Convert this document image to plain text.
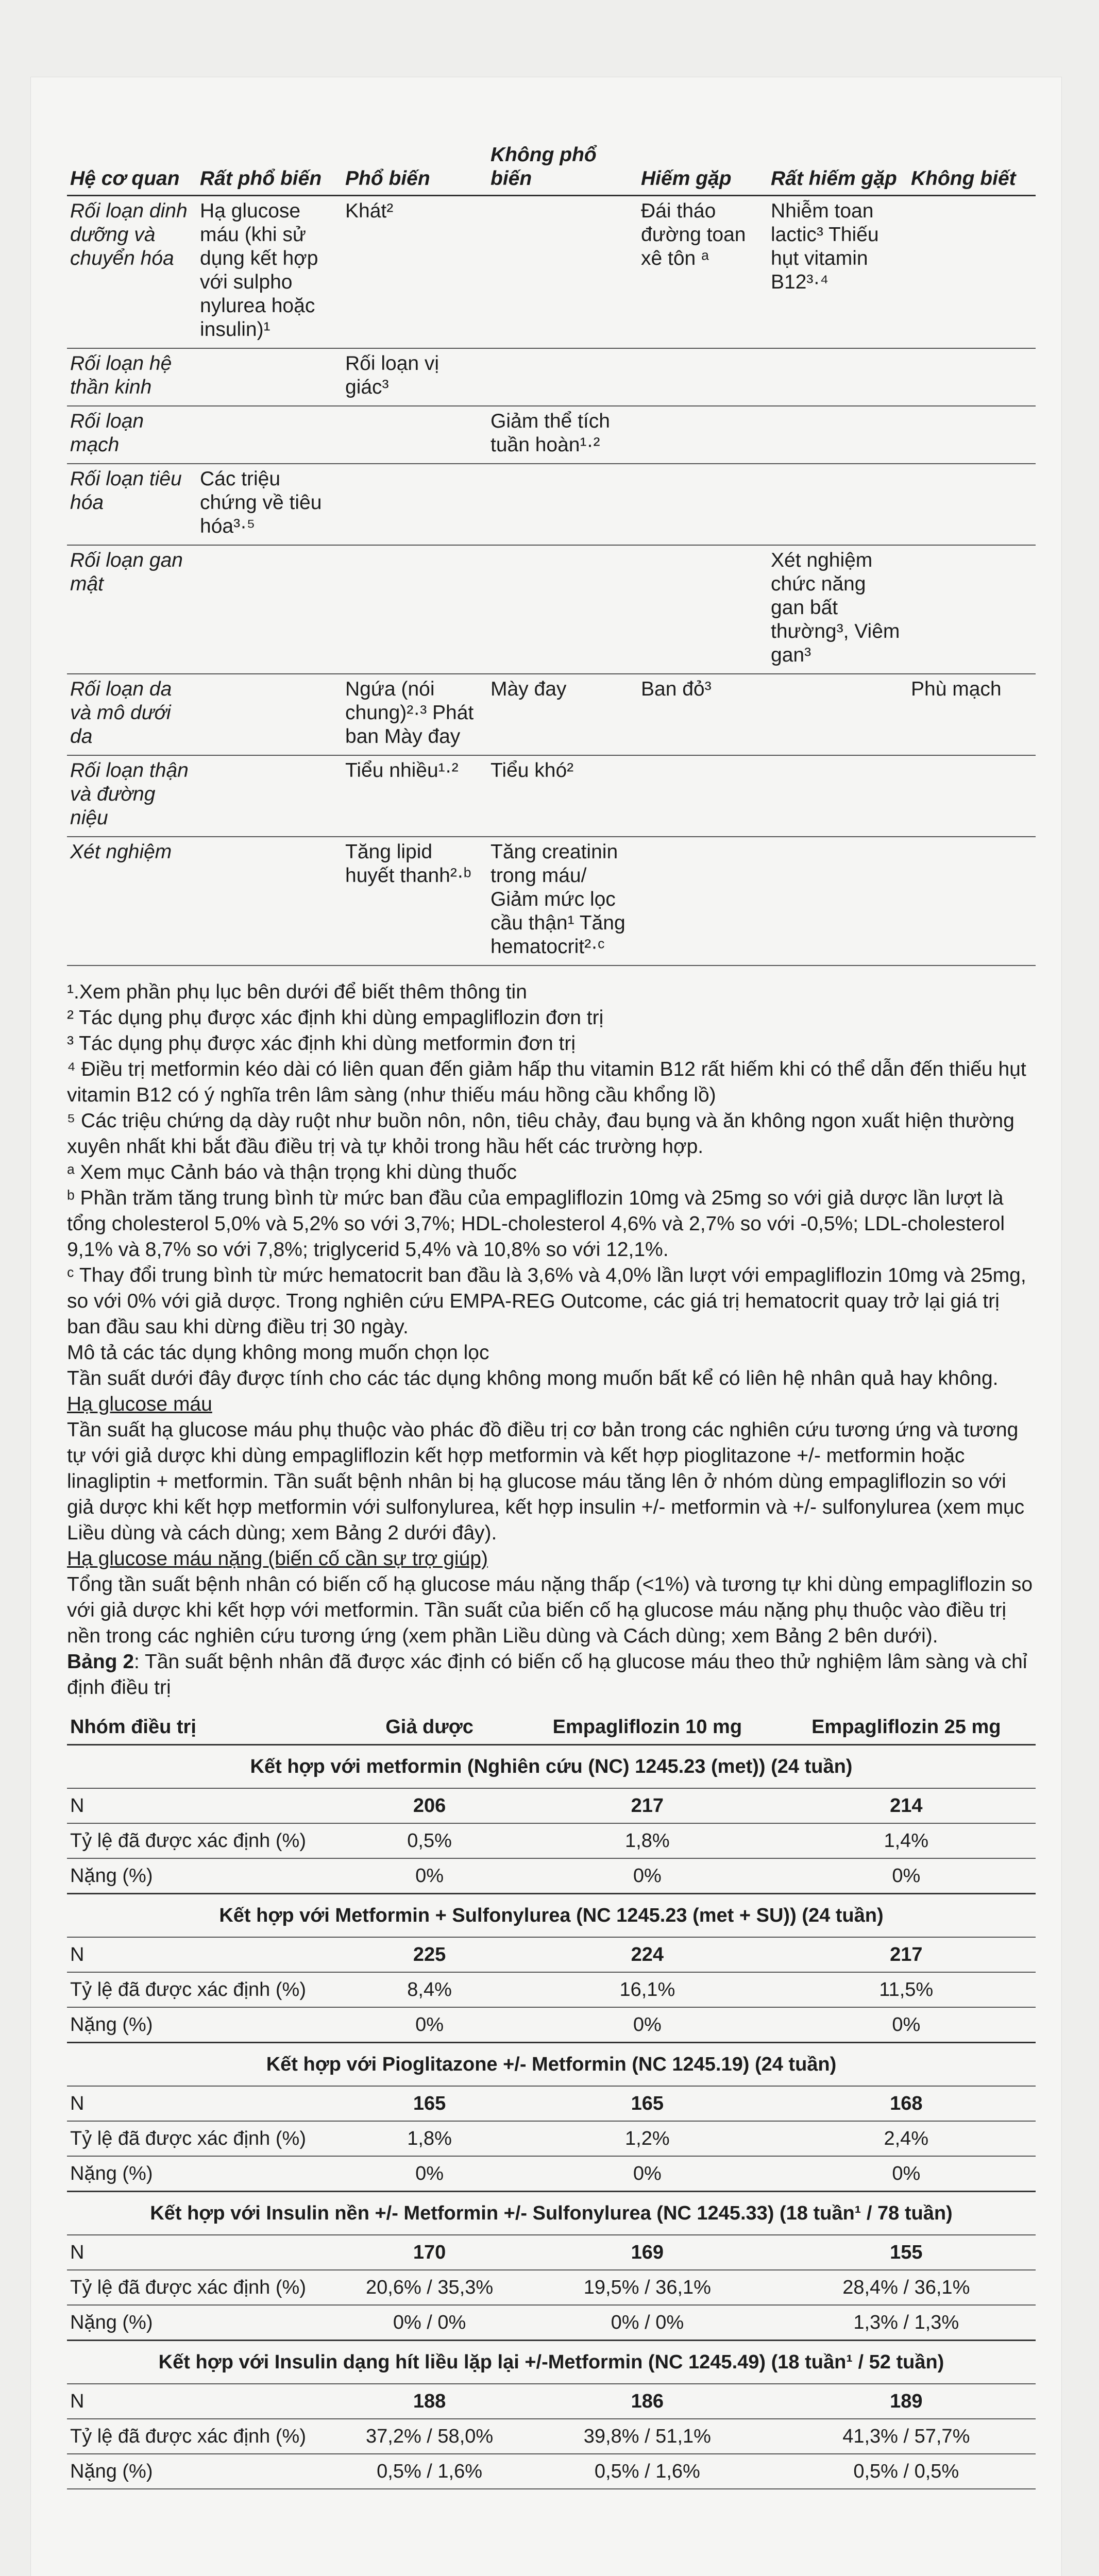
Hệ cơ quan	Rất phổ biến	Phổ biến	Không phổ biến	Hiếm gặp	Rất hiếm gặp	Không biết
Rối loạn dinh dưỡng và chuyển hóa	Hạ glucose máu (khi sử dụng kết hợp với sulpho nylurea hoặc insulin)¹	Khát²		Đái tháo đường toan xê tôn ᵃ	Nhiễm toan lactic³ Thiếu hụt vitamin B12³·⁴	
Rối loạn hệ thần kinh		Rối loạn vị giác³				
Rối loạn mạch			Giảm thể tích tuần hoàn¹·²			
Rối loạn tiêu hóa	Các triệu chứng về tiêu hóa³·⁵					
Rối loạn gan mật					Xét nghiệm chức năng gan bất thường³, Viêm gan³	
Rối loạn da và mô dưới da		Ngứa (nói chung)²·³ Phát ban Mày đay	Mày đay	Ban đỏ³		Phù mạch
Rối loạn thận và đường niệu		Tiểu nhiều¹·²	Tiểu khó²			
Xét nghiệm		Tăng lipid huyết thanh²·ᵇ	Tăng creatinin trong máu/ Giảm mức lọc cầu thận¹ Tăng hematocrit²·ᶜ			

¹.Xem phần phụ lục bên dưới để biết thêm thông tin

² Tác dụng phụ được xác định khi dùng empagliflozin đơn trị

³ Tác dụng phụ được xác định khi dùng metformin đơn trị

⁴ Điều trị metformin kéo dài có liên quan đến giảm hấp thu vitamin B12 rất hiếm khi có thể dẫn đến thiếu hụt vitamin B12 có ý nghĩa trên lâm sàng (như thiếu máu hồng cầu khổng lồ)

⁵ Các triệu chứng dạ dày ruột như buồn nôn, nôn, tiêu chảy, đau bụng và ăn không ngon xuất hiện thường xuyên nhất khi bắt đầu điều trị và tự khỏi trong hầu hết các trường hợp.

ᵃ Xem mục Cảnh báo và thận trọng khi dùng thuốc

ᵇ Phần trăm tăng trung bình từ mức ban đầu của empagliflozin 10mg và 25mg so với giả dược lần lượt là tổng cholesterol 5,0% và 5,2% so với 3,7%; HDL-cholesterol 4,6% và 2,7% so với -0,5%; LDL-cholesterol 9,1% và 8,7% so với 7,8%; triglycerid 5,4% và 10,8% so với 12,1%.

ᶜ Thay đổi trung bình từ mức hematocrit ban đầu là 3,6% và 4,0% lần lượt với empagliflozin 10mg và 25mg, so với 0% với giả dược. Trong nghiên cứu EMPA-REG Outcome, các giá trị hematocrit quay trở lại giá trị ban đầu sau khi dừng điều trị 30 ngày.

Mô tả các tác dụng không mong muốn chọn lọc

Tần suất dưới đây được tính cho các tác dụng không mong muốn bất kể có liên hệ nhân quả hay không.

Hạ glucose máu

Tần suất hạ glucose máu phụ thuộc vào phác đồ điều trị cơ bản trong các nghiên cứu tương ứng và tương tự với giả dược khi dùng empagliflozin kết hợp metformin và kết hợp pioglitazone +/- metformin hoặc linagliptin + metformin. Tần suất bệnh nhân bị hạ glucose máu tăng lên ở nhóm dùng empagliflozin so với giả dược khi kết hợp metformin với sulfonylurea, kết hợp insulin +/- metformin và +/- sulfonylurea (xem mục Liều dùng và cách dùng; xem Bảng 2 dưới đây).

Hạ glucose máu nặng (biến cố cần sự trợ giúp)

Tổng tần suất bệnh nhân có biến cố hạ glucose máu nặng thấp (<1%) và tương tự khi dùng empagliflozin so với giả dược khi kết hợp với metformin. Tần suất của biến cố hạ glucose máu nặng phụ thuộc vào điều trị nền trong các nghiên cứu tương ứng (xem phần Liều dùng và Cách dùng; xem Bảng 2 bên dưới).

Bảng 2: Tần suất bệnh nhân đã được xác định có biến cố hạ glucose máu theo thử nghiệm lâm sàng và chỉ định điều trị

Nhóm điều trị	Giả dược	Empagliflozin 10 mg	Empagliflozin 25 mg
Kết hợp với metformin (Nghiên cứu (NC) 1245.23 (met)) (24 tuần)			
N	206	217	214
Tỷ lệ đã được xác định (%)	0,5%	1,8%	1,4%
Nặng (%)	0%	0%	0%
Kết hợp với Metformin + Sulfonylurea (NC 1245.23 (met + SU)) (24 tuần)			
N	225	224	217
Tỷ lệ đã được xác định (%)	8,4%	16,1%	11,5%
Nặng (%)	0%	0%	0%
Kết hợp với Pioglitazone +/- Metformin (NC 1245.19) (24 tuần)			
N	165	165	168
Tỷ lệ đã được xác định (%)	1,8%	1,2%	2,4%
Nặng (%)	0%	0%	0%
Kết hợp với Insulin nền +/- Metformin +/- Sulfonylurea (NC 1245.33) (18 tuần¹ / 78 tuần)			
N	170	169	155
Tỷ lệ đã được xác định (%)	20,6% / 35,3%	19,5% / 36,1%	28,4% / 36,1%
Nặng (%)	0% / 0%	0% / 0%	1,3% / 1,3%
Kết hợp với Insulin dạng hít liều lặp lại +/-Metformin (NC 1245.49) (18 tuần¹ / 52 tuần)			
N	188	186	189
Tỷ lệ đã được xác định (%)	37,2% / 58,0%	39,8% / 51,1%	41,3% / 57,7%
Nặng (%)	0,5% / 1,6%	0,5% / 1,6%	0,5% / 0,5%
